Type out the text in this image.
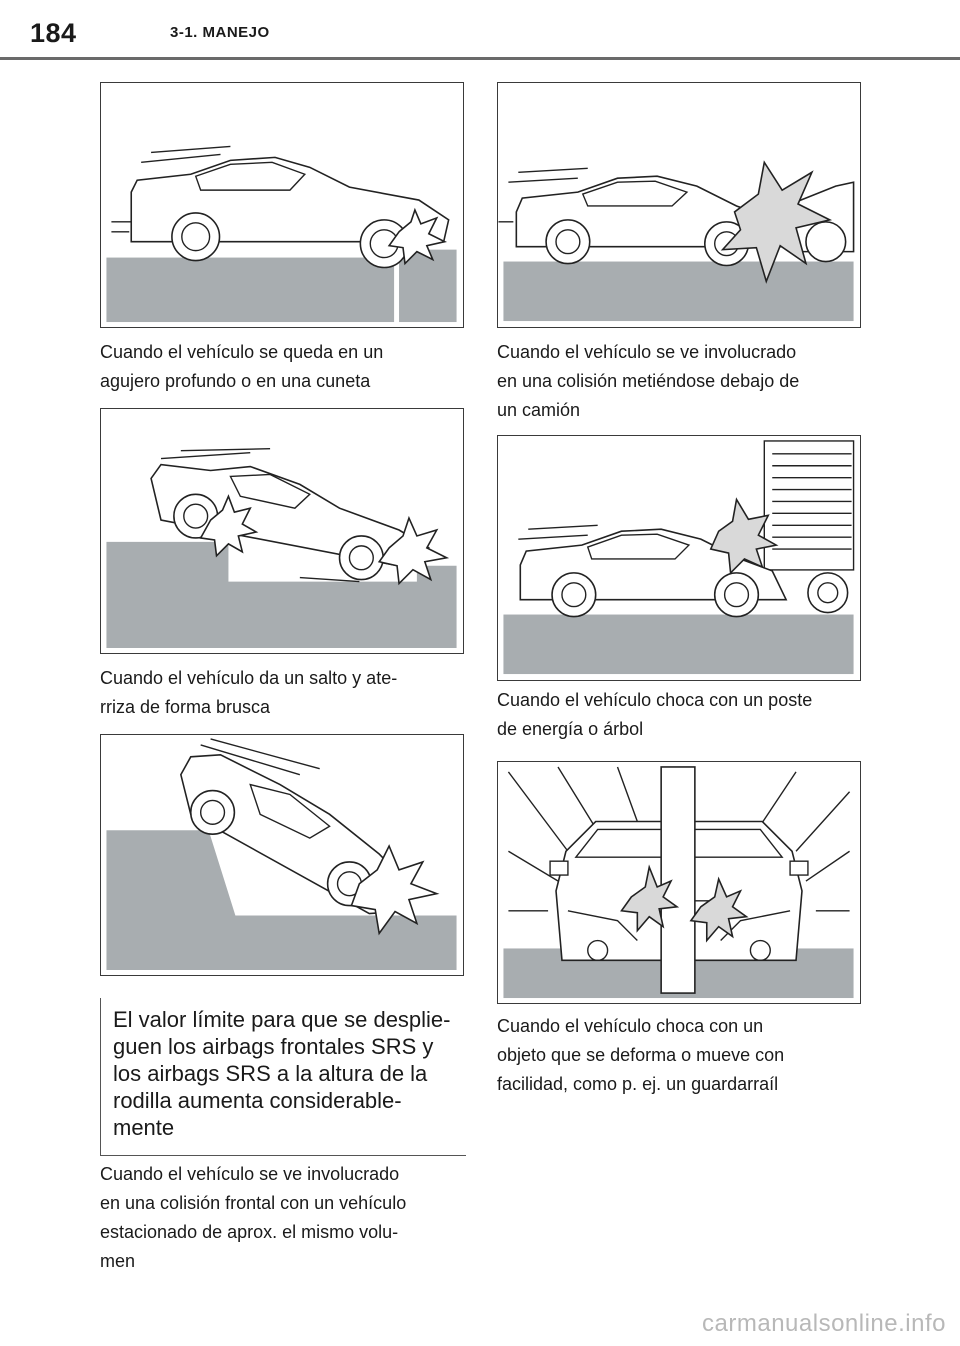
184	3-1. MANEJO
Cuando el vehículo se queda en un
agujero profundo o en una cuneta
Cuando el vehículo da un salto y ate-
rriza de forma brusca
El valor límite para que se desplie-
guen los airbags frontales SRS y
los airbags SRS a la altura de la
rodilla aumenta considerable-
mente
Cuando el vehículo se ve involucrado
en una colisión frontal con un vehículo
estacionado de aprox. el mismo volu-
men
Cuando el vehículo se ve involucrado
en una colisión metiéndose debajo de
un camión
Cuando el vehículo choca con un poste
de energía o árbol
Cuando el vehículo choca con un
objeto que se deforma o mueve con
facilidad, como p. ej. un guardarraíl
carmanualsonline.info
